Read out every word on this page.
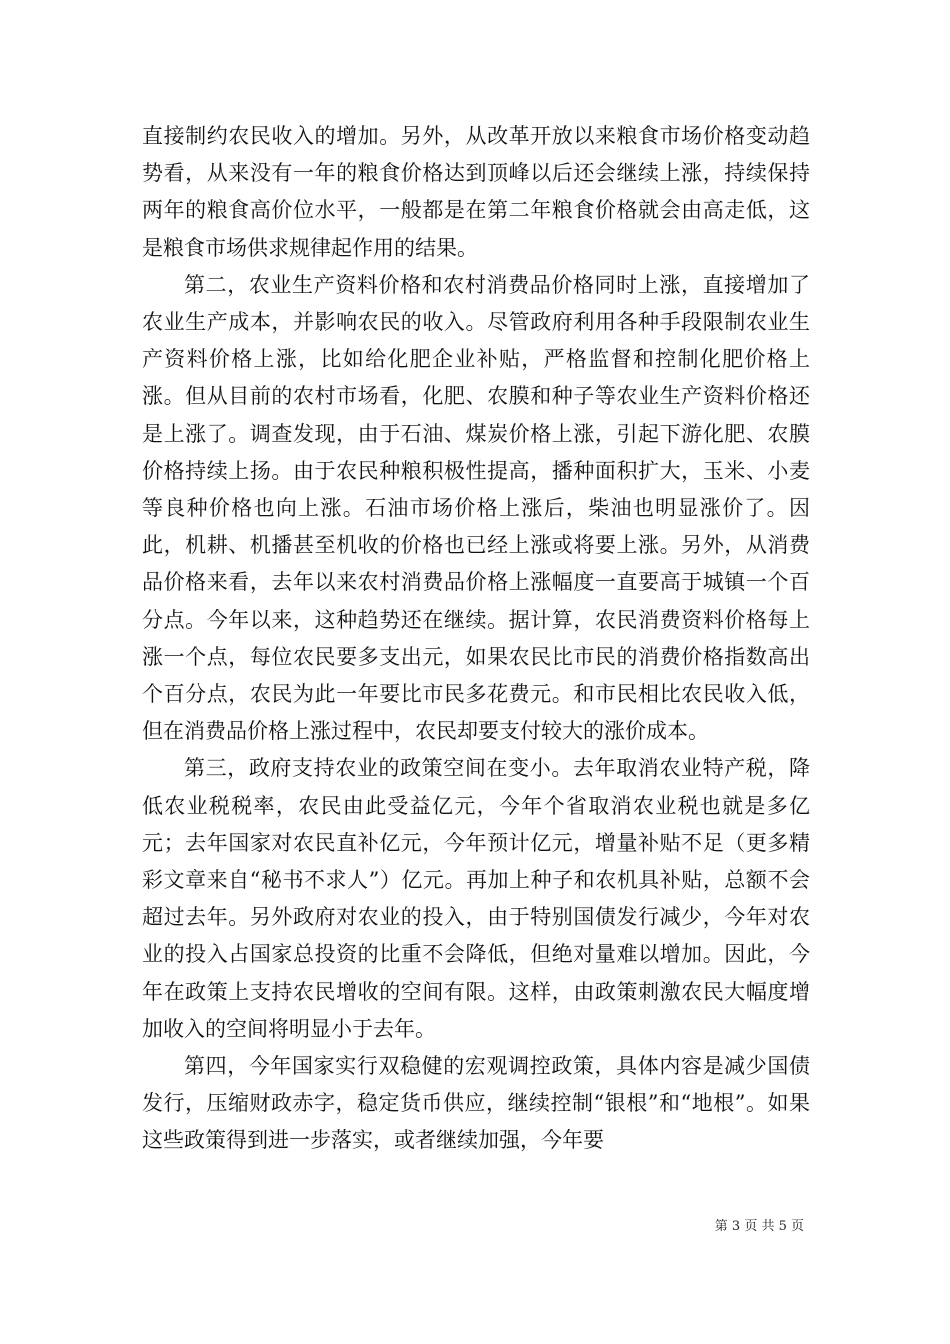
直接制约农民收入的增加。另外，从改革开放以来粮食市场价格变动趋势看，从来没有一年的粮食价格达到顶峰以后还会继续上涨，持续保持两年的粮食高价位水平，一般都是在第二年粮食价格就会由高走低，这是粮食市场供求规律起作用的结果。

第二，农业生产资料价格和农村消费品价格同时上涨，直接增加了农业生产成本，并影响农民的收入。尽管政府利用各种手段限制农业生产资料价格上涨，比如给化肥企业补贴，严格监督和控制化肥价格上涨。但从目前的农村市场看，化肥、农膜和种子等农业生产资料价格还是上涨了。调查发现，由于石油、煤炭价格上涨，引起下游化肥、农膜价格持续上扬。由于农民种粮积极性提高，播种面积扩大，玉米、小麦等良种价格也向上涨。石油市场价格上涨后，柴油也明显涨价了。因此，机耕、机播甚至机收的价格也已经上涨或将要上涨。另外，从消费品价格来看，去年以来农村消费品价格上涨幅度一直要高于城镇一个百分点。今年以来，这种趋势还在继续。据计算，农民消费资料价格每上涨一个点，每位农民要多支出元，如果农民比市民的消费价格指数高出个百分点，农民为此一年要比市民多花费元。和市民相比农民收入低，但在消费品价格上涨过程中，农民却要支付较大的涨价成本。

第三，政府支持农业的政策空间在变小。去年取消农业特产税，降低农业税税率，农民由此受益亿元，今年个省取消农业税也就是多亿元；去年国家对农民直补亿元，今年预计亿元，增量补贴不足（更多精彩文章来自“秘书不求人”）亿元。再加上种子和农机具补贴，总额不会超过去年。另外政府对农业的投入，由于特别国债发行减少，今年对农业的投入占国家总投资的比重不会降低，但绝对量难以增加。因此，今年在政策上支持农民增收的空间有限。这样，由政策刺激农民大幅度增加收入的空间将明显小于去年。

第四，今年国家实行双稳健的宏观调控政策，具体内容是减少国债发行，压缩财政赤字，稳定货币供应，继续控制“银根”和“地根”。如果这些政策得到进一步落实，或者继续加强，今年要

第 3 页 共 5 页
